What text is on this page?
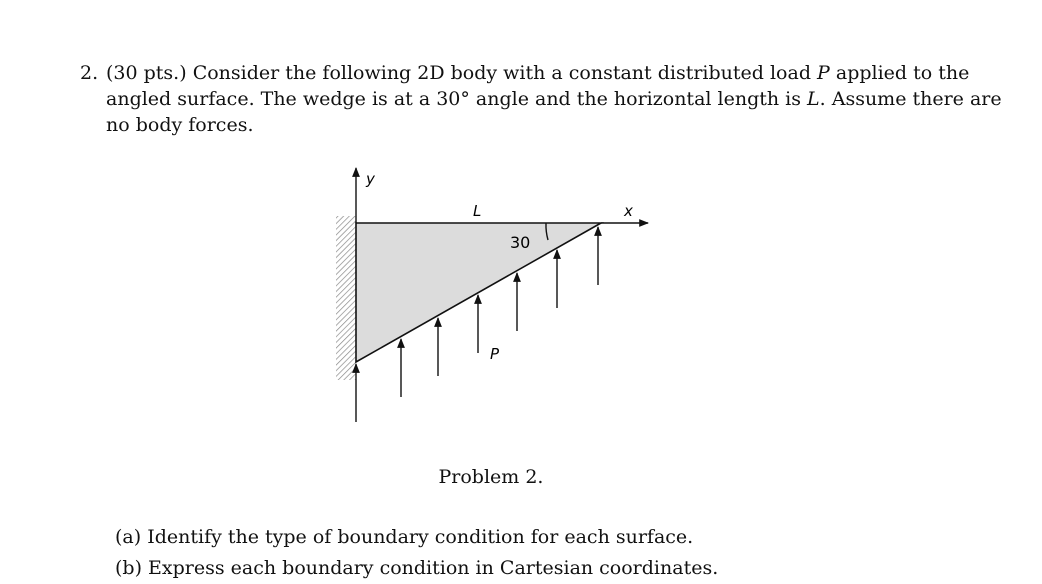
2. (30 pts.) Consider the following 2D body with a constant distributed load P applied to the
angled surface. The wedge is at a 30° angle and the horizontal length is L. Assume there are
no body forces.
y
x
L
30
P
Problem 2.
(a) Identify the type of boundary condition for each surface.
(b) Express each boundary condition in Cartesian coordinates.
